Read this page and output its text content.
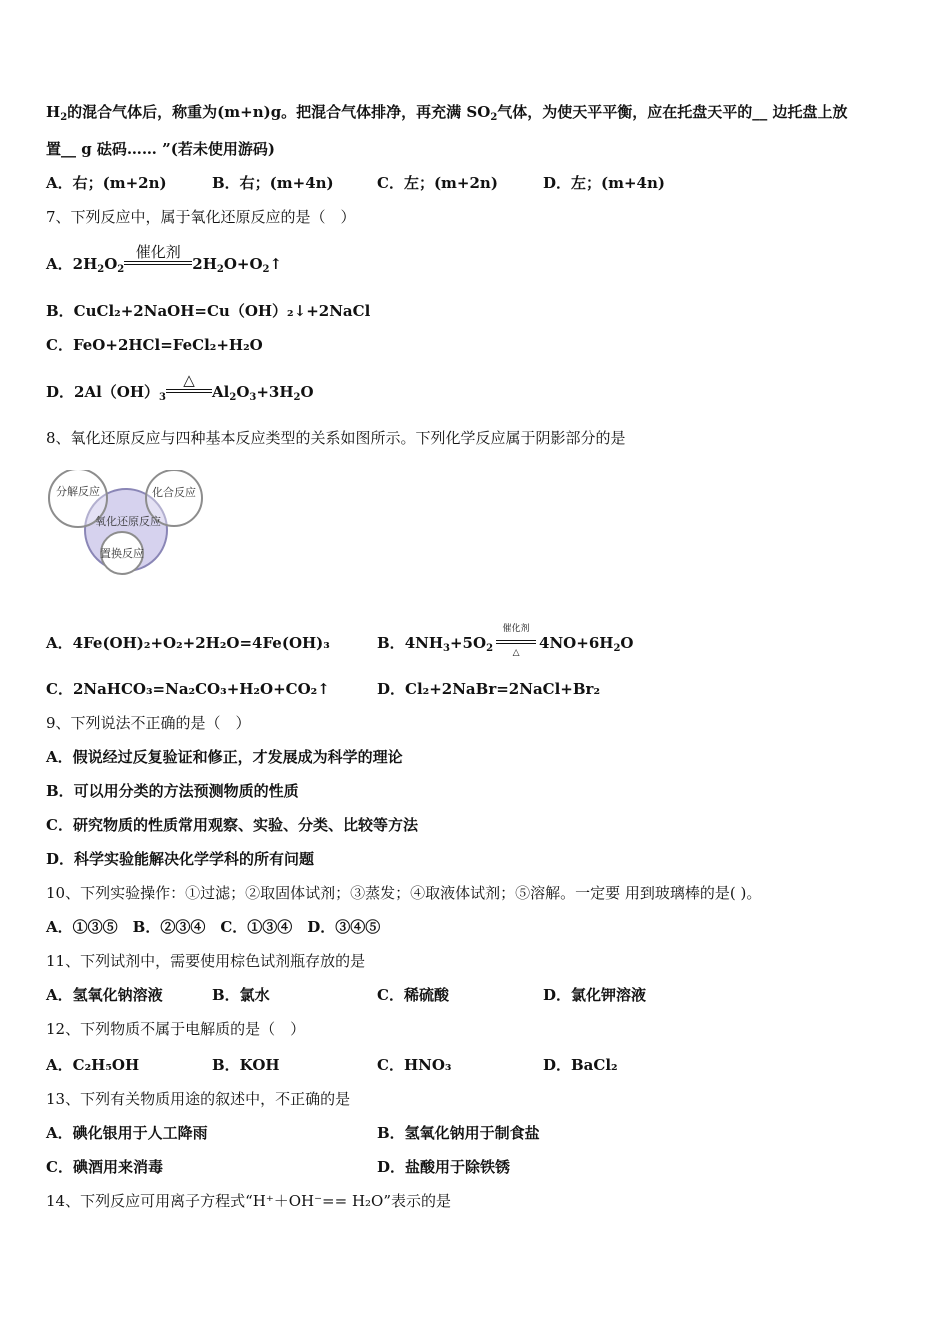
$H_2$的混合气体后，称重为(m+n)g。把混合气体排净，再充满 $SO_2$气体，为使天平平衡，应在托盘天平的__ 边托盘上放
置__ g 砝码…… ”(若未使用游码)
A．右；(m+2n)	B．右；(m+4n)	C．左；(m+2n)	D．左；(m+4n)
7、下列反应中，属于氧化还原反应的是（　）
A．$2H_2O_2$
催化剂
$2H_2O+O_2↑$
B．CuCl₂+2NaOH=Cu（OH）₂↓+2NaCl
C．FeO+2HCl=FeCl₂+H₂O
D．$2Al(OH)_3$
△
$Al_2O_3+3H_2O$
8、氧化还原反应与四种基本反应类型的关系如图所示。下列化学反应属于阴影部分的是
分解反应	化合反应
氧化还原反应
置换反应
A．4Fe(OH)₂+O₂+2H₂O=4Fe(OH)₃	B．$4NH_3+5O_2$
催化剂
△
$4NO+6H_2O$
C．2NaHCO₃=Na₂CO₃+H₂O+CO₂↑	D．Cl₂+2NaBr=2NaCl+Br₂
9、下列说法不正确的是（　）
A．假说经过反复验证和修正，才发展成为科学的理论
B．可以用分类的方法预测物质的性质
C．研究物质的性质常用观察、实验、分类、比较等方法
D．科学实验能解决化学学科的所有问题
10、下列实验操作：①过滤；②取固体试剂；③蒸发；④取液体试剂；⑤溶解。一定要 用到玻璃棒的是( )。
A．①③⑤　B．②③④　C．①③④　D．③④⑤
11、下列试剂中，需要使用棕色试剂瓶存放的是
A．氢氧化钠溶液	B．氯水	C．稀硫酸	D．氯化钾溶液
12、下列物质不属于电解质的是（　）
A．C₂H₅OH	B．KOH	C．HNO₃	D．BaCl₂
13、下列有关物质用途的叙述中，不正确的是
A．碘化银用于人工降雨	B．氢氧化钠用于制食盐
C．碘酒用来消毒	D．盐酸用于除铁锈
14、下列反应可用离子方程式“H⁺＋OH⁻== H₂O”表示的是
